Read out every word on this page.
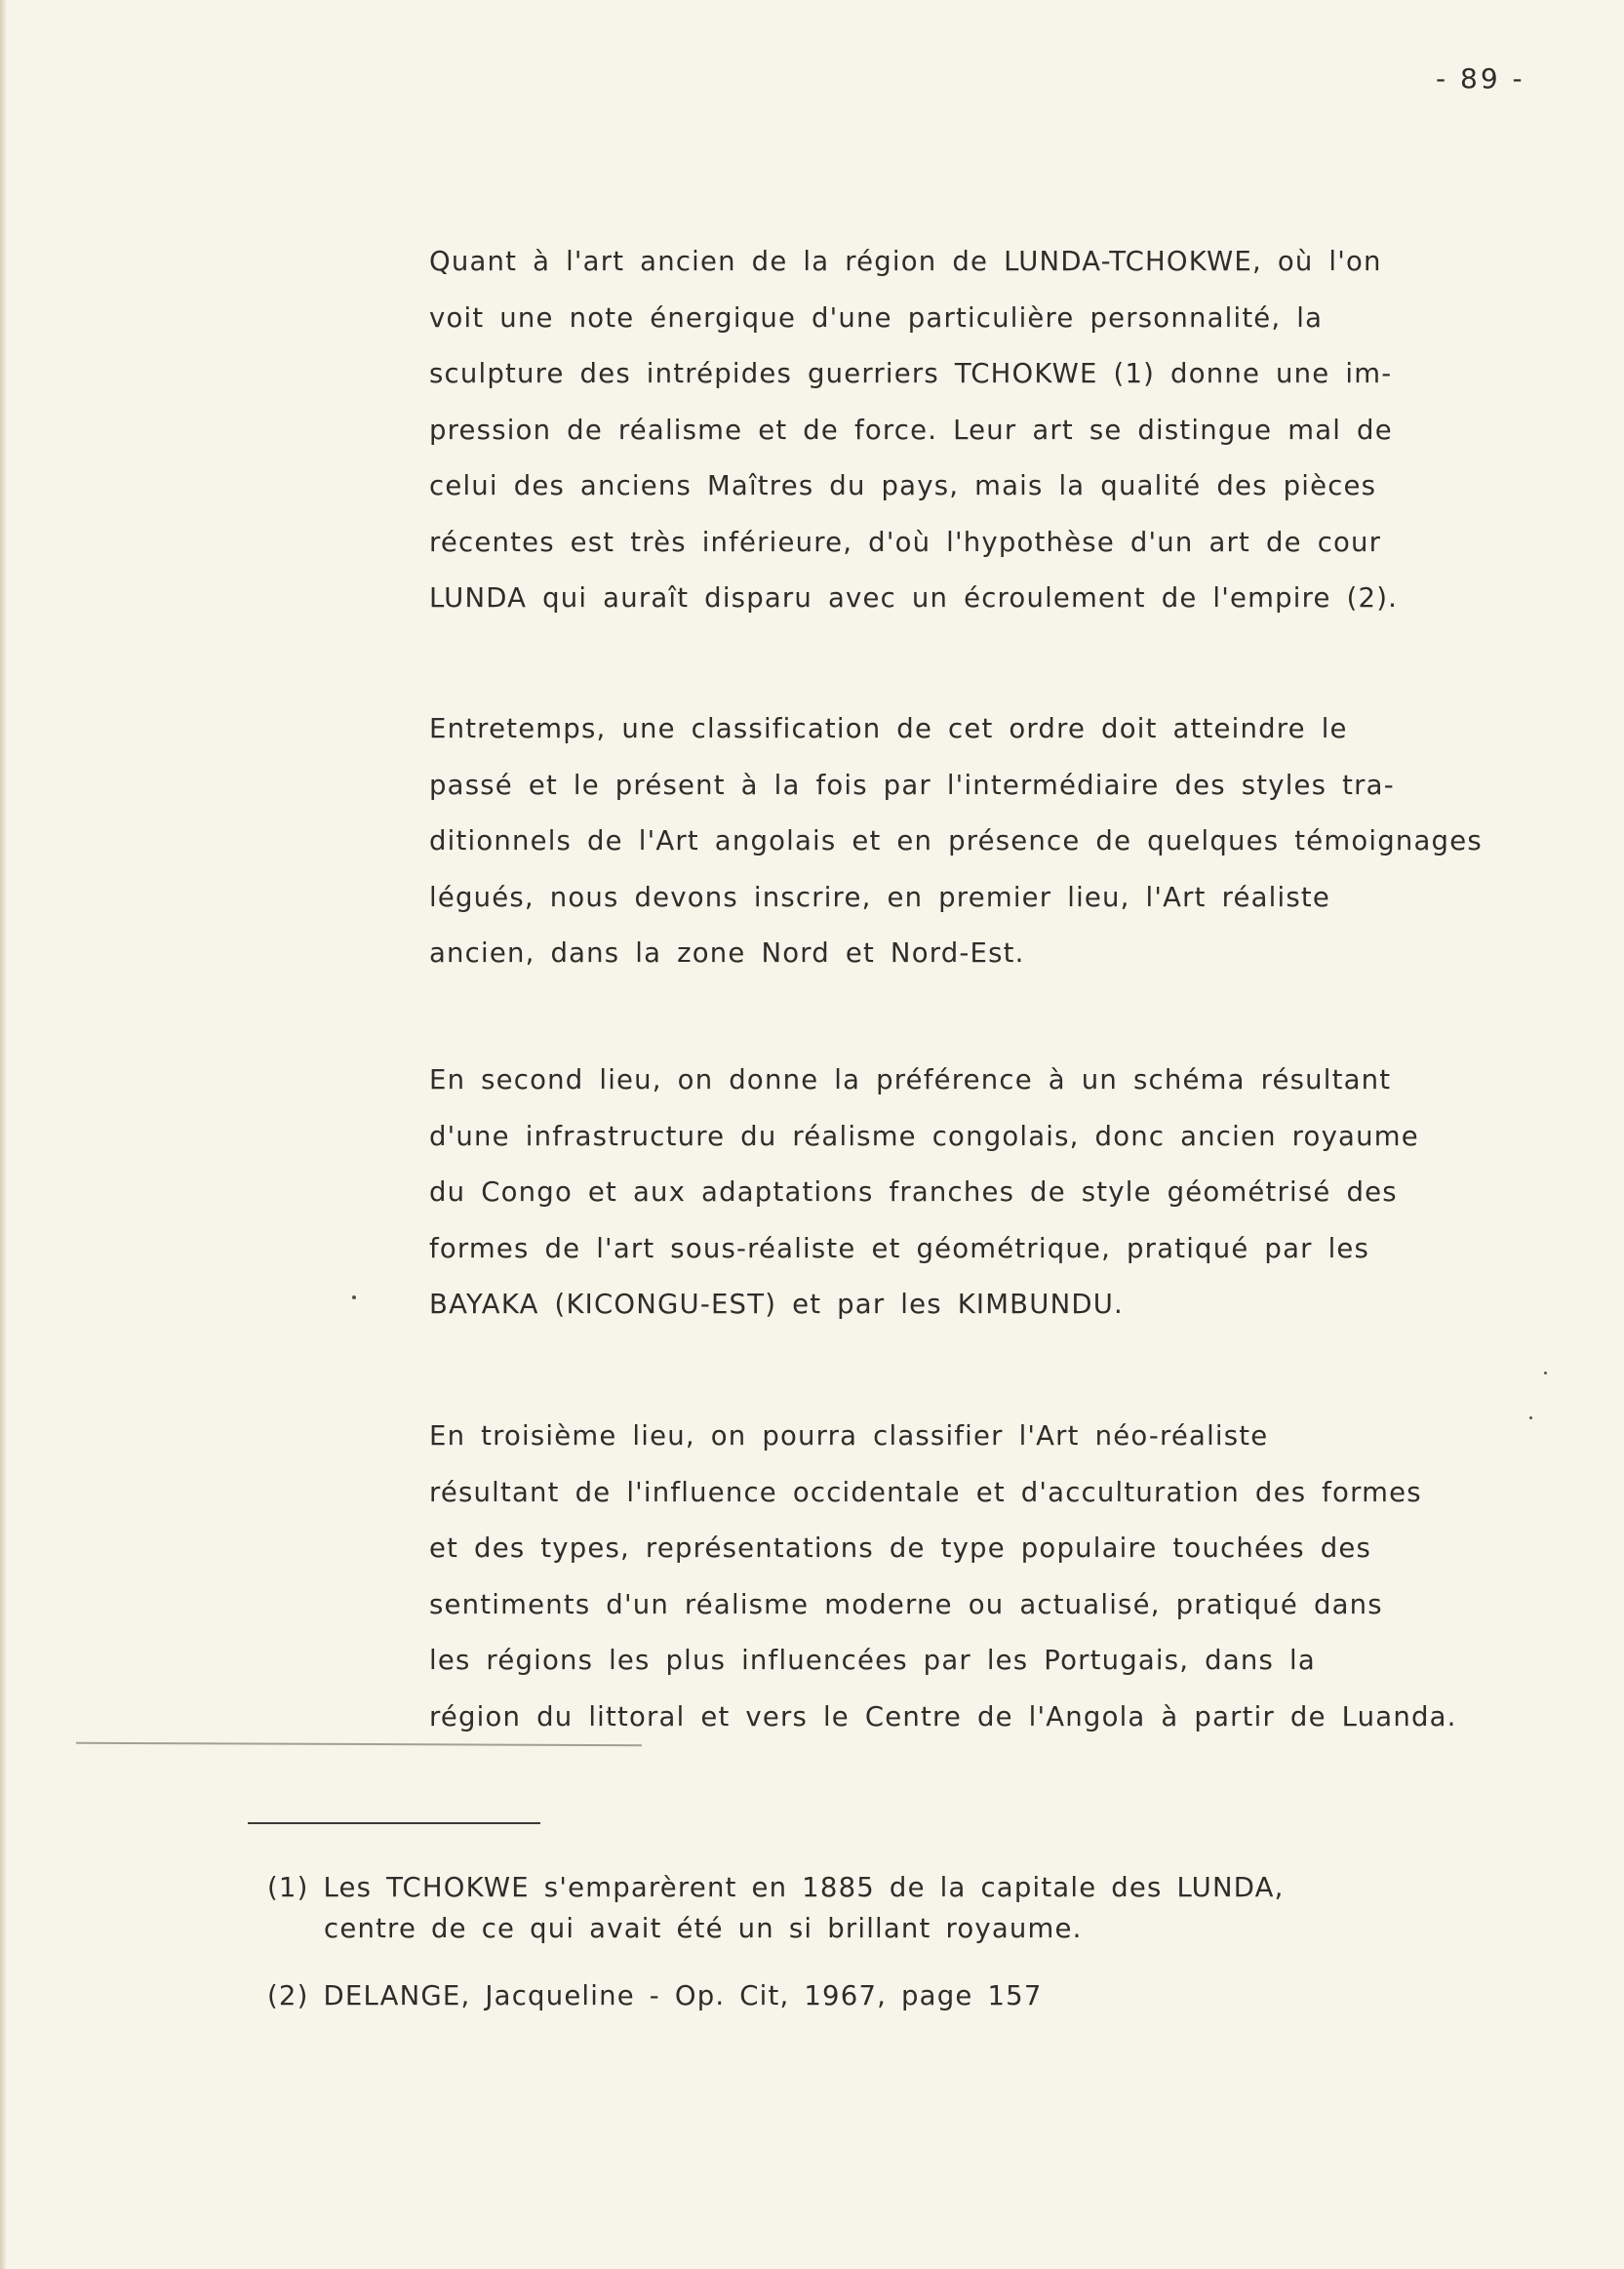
- 89 -
Quant à l'art ancien de la région de LUNDA-TCHOKWE, où l'on
voit une note énergique d'une particulière personnalité, la
sculpture des intrépides guerriers TCHOKWE (1) donne une im-
pression de réalisme et de force. Leur art se distingue mal de
celui des anciens Maîtres du pays, mais la qualité des pièces
récentes est très inférieure, d'où l'hypothèse d'un art de cour
LUNDA qui auraît disparu avec un écroulement de l'empire (2).
Entretemps, une classification de cet ordre doit atteindre le
passé et le présent à la fois par l'intermédiaire des styles tra-
ditionnels de l'Art angolais et en présence de quelques témoignages
légués, nous devons inscrire, en premier lieu, l'Art réaliste
ancien, dans la zone Nord et Nord-Est.
En second lieu, on donne la préférence à un schéma résultant
d'une infrastructure du réalisme congolais, donc ancien royaume
du Congo et aux adaptations franches de style géométrisé des
formes de l'art sous-réaliste et géométrique, pratiqué par les
BAYAKA (KICONGU-EST) et par les KIMBUNDU.
En troisième lieu, on pourra classifier l'Art néo-réaliste
résultant de l'influence occidentale et d'acculturation des formes
et des types, représentations de type populaire touchées des
sentiments d'un réalisme moderne ou actualisé, pratiqué dans
les régions les plus influencées par les Portugais, dans la
région du littoral et vers le Centre de l'Angola à partir de Luanda.
(1) Les TCHOKWE s'emparèrent en 1885 de la capitale des LUNDA,
centre de ce qui avait été un si brillant royaume.
(2) DELANGE, Jacqueline - Op. Cit, 1967, page 157
